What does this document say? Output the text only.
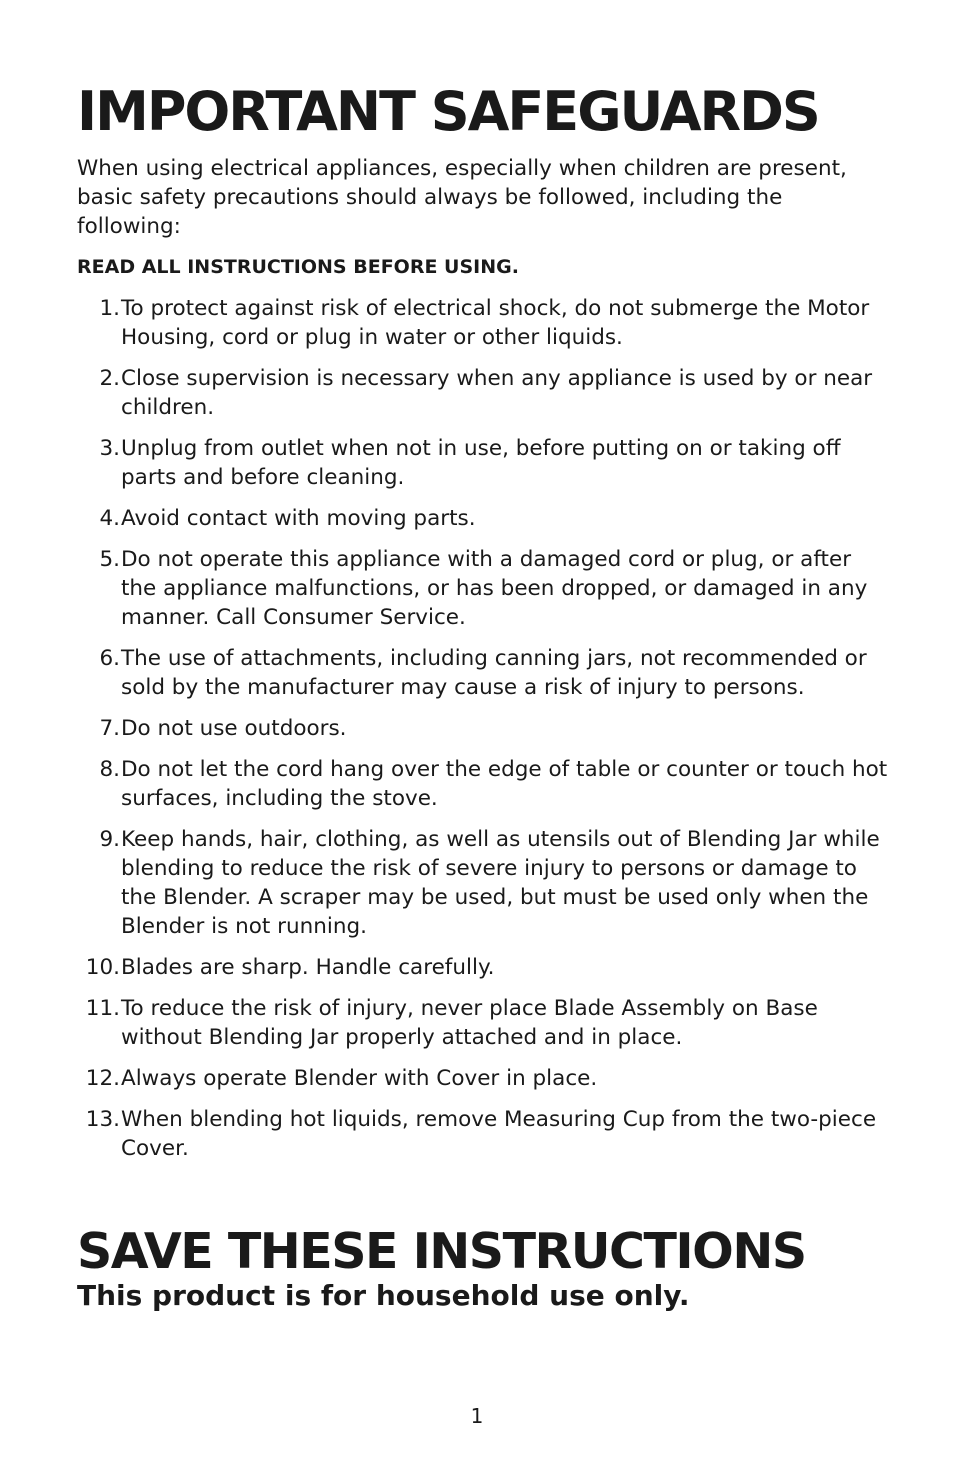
IMPORTANT SAFEGUARDS

When using electrical appliances, especially when children are present, basic safety precautions should always be followed, including the following:

READ ALL INSTRUCTIONS BEFORE USING.

1. To protect against risk of electrical shock, do not submerge the Motor Housing, cord or plug in water or other liquids.
2. Close supervision is necessary when any appliance is used by or near children.
3. Unplug from outlet when not in use, before putting on or taking off parts and before cleaning.
4. Avoid contact with moving parts.
5. Do not operate this appliance with a damaged cord or plug, or after the appliance malfunctions, or has been dropped, or damaged in any manner. Call Consumer Service.
6. The use of attachments, including canning jars, not recommended or sold by the manufacturer may cause a risk of injury to persons.
7. Do not use outdoors.
8. Do not let the cord hang over the edge of table or counter or touch hot surfaces, including the stove.
9. Keep hands, hair, clothing, as well as utensils out of Blending Jar while blending to reduce the risk of severe injury to persons or damage to the Blender. A scraper may be used, but must be used only when the Blender is not running.
10. Blades are sharp. Handle carefully.
11. To reduce the risk of injury, never place Blade Assembly on Base without Blending Jar properly attached and in place.
12. Always operate Blender with Cover in place.
13. When blending hot liquids, remove Measuring Cup from the two-piece Cover.
SAVE THESE INSTRUCTIONS

This product is for household use only.

1
